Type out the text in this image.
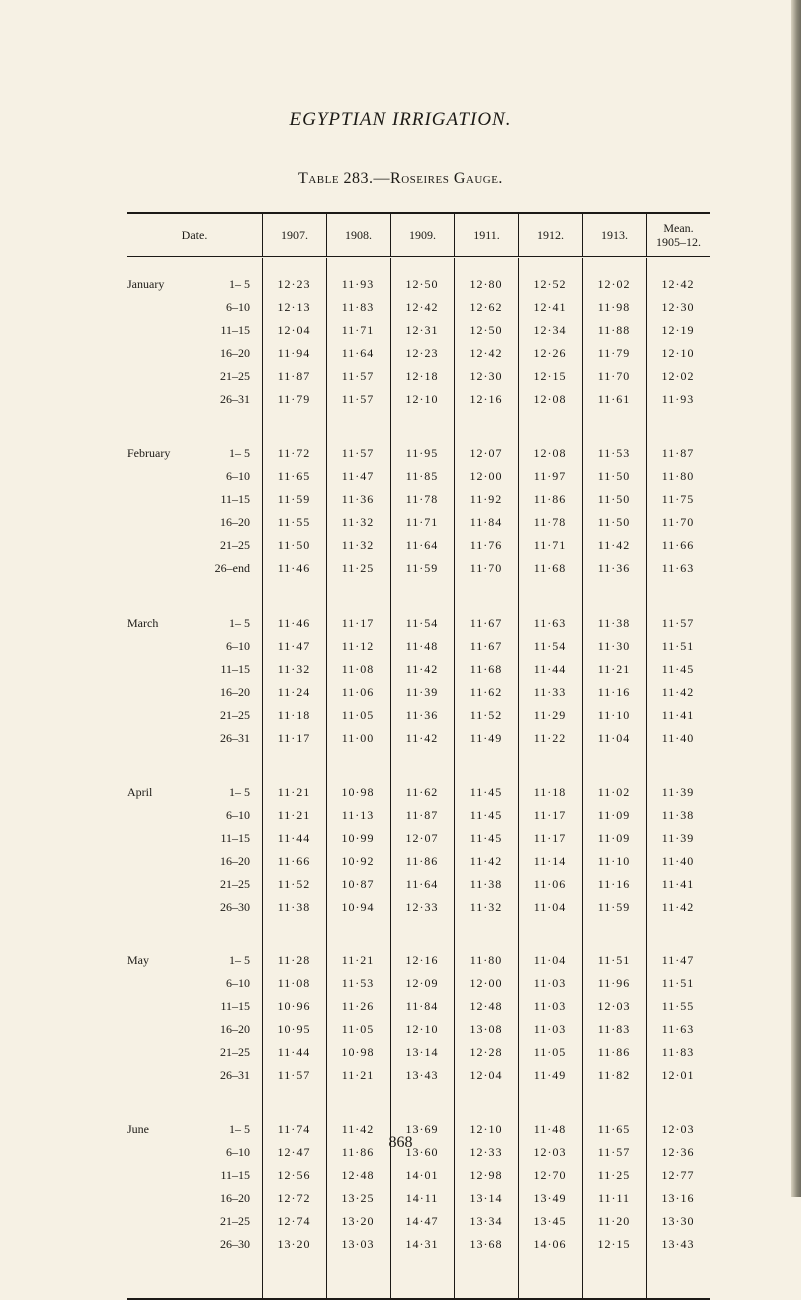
EGYPTIAN IRRIGATION.
Table 283.—Roseires Gauge.
Date.	1907.	1908.	1909.	1911.	1912.	1913.	Mean.
1905–12.
January	1– 5	12·23	11·93	12·50	12·80	12·52	12·02	12·42
6–10	12·13	11·83	12·42	12·62	12·41	11·98	12·30
11–15	12·04	11·71	12·31	12·50	12·34	11·88	12·19
16–20	11·94	11·64	12·23	12·42	12·26	11·79	12·10
21–25	11·87	11·57	12·18	12·30	12·15	11·70	12·02
26–31	11·79	11·57	12·10	12·16	12·08	11·61	11·93
February	1– 5	11·72	11·57	11·95	12·07	12·08	11·53	11·87
6–10	11·65	11·47	11·85	12·00	11·97	11·50	11·80
11–15	11·59	11·36	11·78	11·92	11·86	11·50	11·75
16–20	11·55	11·32	11·71	11·84	11·78	11·50	11·70
21–25	11·50	11·32	11·64	11·76	11·71	11·42	11·66
26–end	11·46	11·25	11·59	11·70	11·68	11·36	11·63
March	1– 5	11·46	11·17	11·54	11·67	11·63	11·38	11·57
6–10	11·47	11·12	11·48	11·67	11·54	11·30	11·51
11–15	11·32	11·08	11·42	11·68	11·44	11·21	11·45
16–20	11·24	11·06	11·39	11·62	11·33	11·16	11·42
21–25	11·18	11·05	11·36	11·52	11·29	11·10	11·41
26–31	11·17	11·00	11·42	11·49	11·22	11·04	11·40
April	1– 5	11·21	10·98	11·62	11·45	11·18	11·02	11·39
6–10	11·21	11·13	11·87	11·45	11·17	11·09	11·38
11–15	11·44	10·99	12·07	11·45	11·17	11·09	11·39
16–20	11·66	10·92	11·86	11·42	11·14	11·10	11·40
21–25	11·52	10·87	11·64	11·38	11·06	11·16	11·41
26–30	11·38	10·94	12·33	11·32	11·04	11·59	11·42
May	1– 5	11·28	11·21	12·16	11·80	11·04	11·51	11·47
6–10	11·08	11·53	12·09	12·00	11·03	11·96	11·51
11–15	10·96	11·26	11·84	12·48	11·03	12·03	11·55
16–20	10·95	11·05	12·10	13·08	11·03	11·83	11·63
21–25	11·44	10·98	13·14	12·28	11·05	11·86	11·83
26–31	11·57	11·21	13·43	12·04	11·49	11·82	12·01
June	1– 5	11·74	11·42	13·69	12·10	11·48	11·65	12·03
6–10	12·47	11·86	13·60	12·33	12·03	11·57	12·36
11–15	12·56	12·48	14·01	12·98	12·70	11·25	12·77
16–20	12·72	13·25	14·11	13·14	13·49	11·11	13·16
21–25	12·74	13·20	14·47	13·34	13·45	11·20	13·30
26–30	13·20	13·03	14·31	13·68	14·06	12·15	13·43
868
